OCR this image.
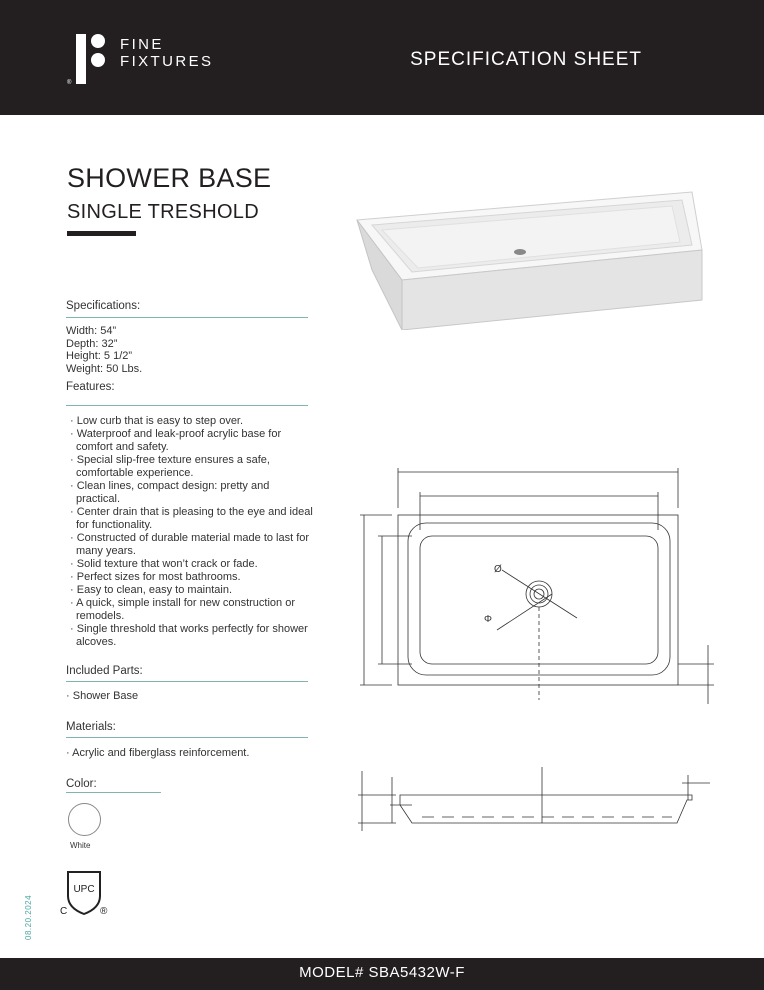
®
FINE
FIXTURES	SPECIFICATION SHEET
SHOWER BASE
SINGLE TRESHOLD
Specifications:
Width: 54”
Depth: 32”
Height: 5 1/2”
Weight: 50 Lbs.
Features:
· Low curb that is easy to step over.
· Waterproof and leak-proof acrylic base for comfort and safety.
· Special slip-free texture ensures a safe, comfortable experience.
· Clean lines, compact design: pretty and practical.
· Center drain that is pleasing to the eye and ideal for functionality.
· Constructed of durable material made to last for many years.
· Solid texture that won’t crack or fade.
· Perfect sizes for most bathrooms.
· Easy to clean, easy to maintain.
· A quick, simple install for new construction or remodels.
· Single threshold that works perfectly for shower alcoves.
Included Parts:
· Shower Base
Materials:
· Acrylic and fiberglass reinforcement.
Color:
White
UPC
C	®
08.20.2024
Ø
Φ
MODEL# SBA5432W-F
